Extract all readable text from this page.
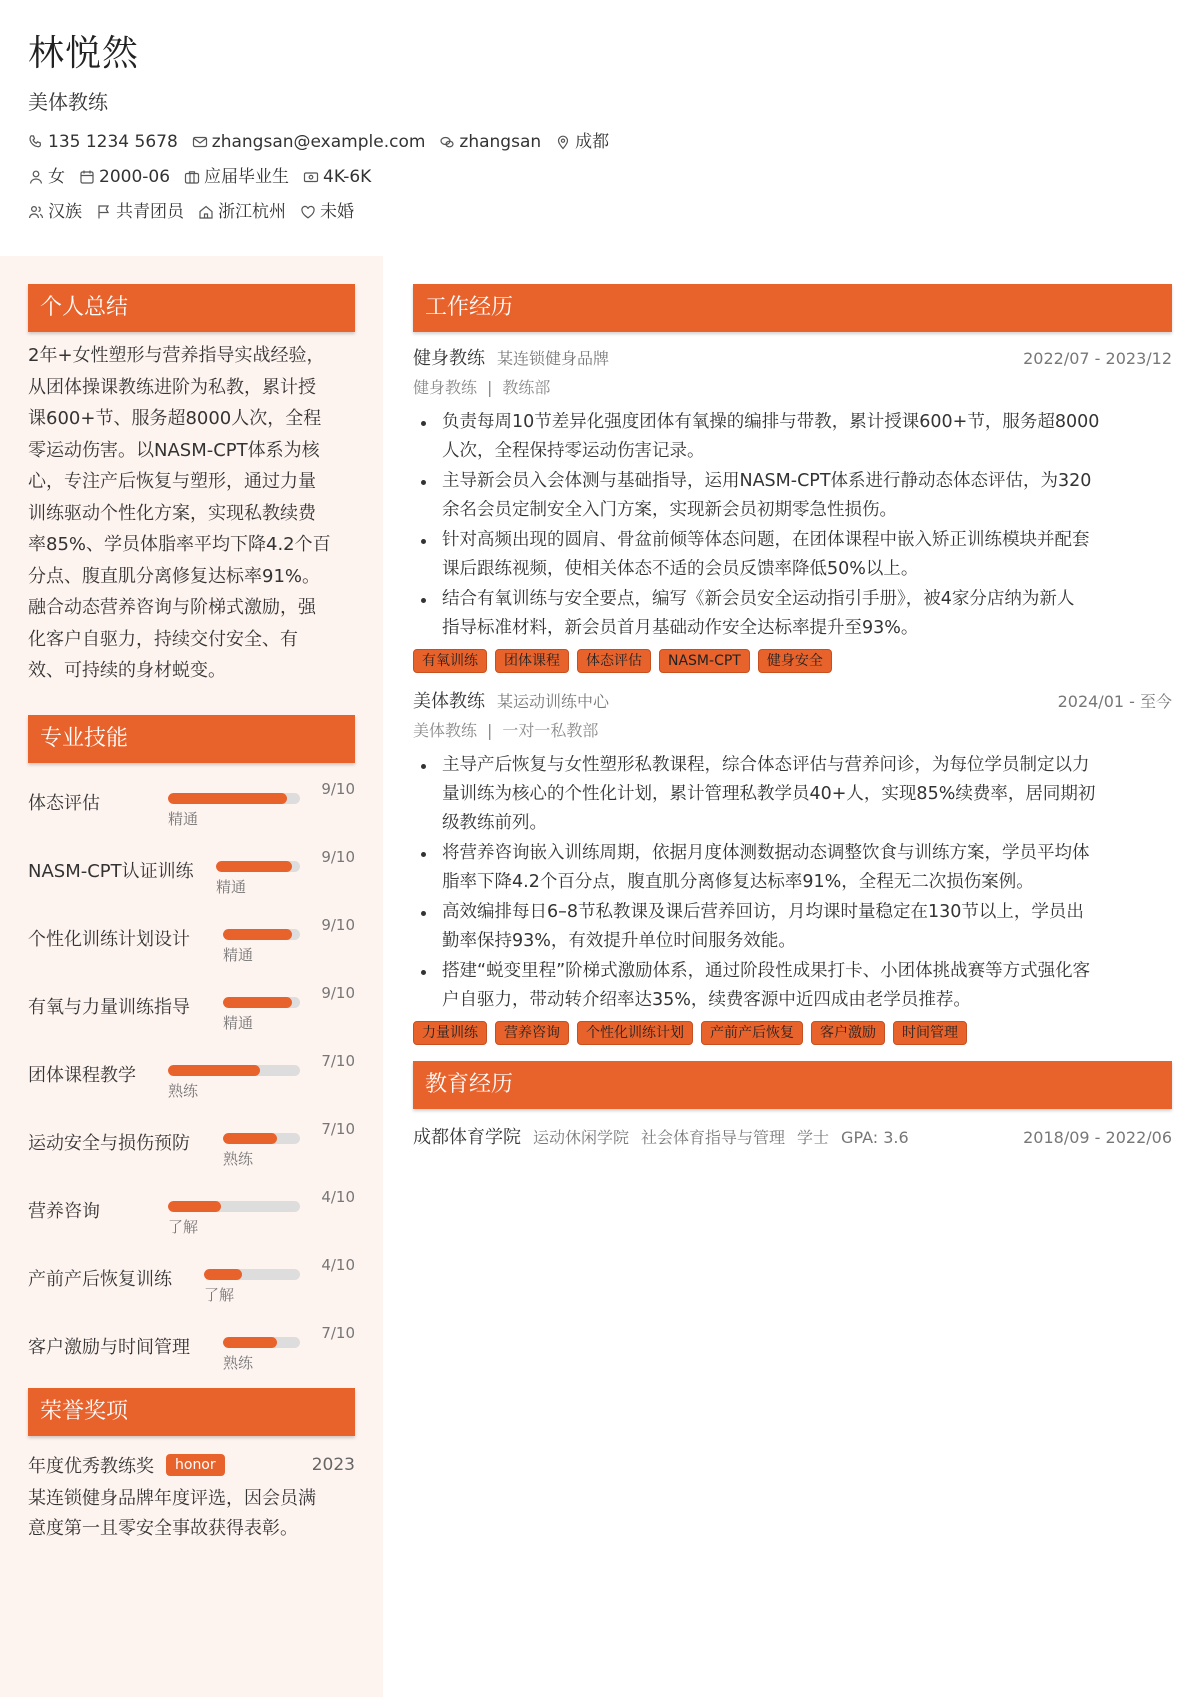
林悦然
美体教练
135 1234 5678 zhangsan@example.com zhangsan 成都
女 2000-06 应届毕业生 4K-6K
汉族 共青团员 浙江杭州 未婚
个人总结
2年+女性塑形与营养指导实战经验，
从团体操课教练进阶为私教，累计授
课600+节、服务超8000人次，全程
零运动伤害。以NASM-CPT体系为核
心，专注产后恢复与塑形，通过力量
训练驱动个性化方案，实现私教续费
率85%、学员体脂率平均下降4.2个百
分点、腹直肌分离修复达标率91%。
融合动态营养咨询与阶梯式激励，强
化客户自驱力，持续交付安全、有
效、可持续的身材蜕变。
专业技能
体态评估
9/10
精通
NASM-CPT认证训练
9/10
精通
个性化训练计划设计
9/10
精通
有氧与力量训练指导
9/10
精通
团体课程教学
7/10
熟练
运动安全与损伤预防
7/10
熟练
营养咨询
4/10
了解
产前产后恢复训练
4/10
了解
客户激励与时间管理
7/10
熟练
荣誉奖项
年度优秀教练奖	honor	2023
某连锁健身品牌年度评选，因会员满
意度第一且零安全事故获得表彰。
工作经历
健身教练 某连锁健身品牌	2022/07 - 2023/12
健身教练 | 教练部
负责每周10节差异化强度团体有氧操的编排与带教，累计授课600+节，服务超8000
人次，全程保持零运动伤害记录。
主导新会员入会体测与基础指导，运用NASM-CPT体系进行静动态体态评估，为320
余名会员定制安全入门方案，实现新会员初期零急性损伤。
针对高频出现的圆肩、骨盆前倾等体态问题，在团体课程中嵌入矫正训练模块并配套
课后跟练视频，使相关体态不适的会员反馈率降低50%以上。
结合有氧训练与安全要点，编写《新会员安全运动指引手册》，被4家分店纳为新人
指导标准材料，新会员首月基础动作安全达标率提升至93%。
有氧训练	团体课程	体态评估	NASM-CPT	健身安全
美体教练 某运动训练中心	2024/01 - 至今
美体教练 | 一对一私教部
主导产后恢复与女性塑形私教课程，综合体态评估与营养问诊，为每位学员制定以力
量训练为核心的个性化计划，累计管理私教学员40+人，实现85%续费率，居同期初
级教练前列。
将营养咨询嵌入训练周期，依据月度体测数据动态调整饮食与训练方案，学员平均体
脂率下降4.2个百分点，腹直肌分离修复达标率91%，全程无二次损伤案例。
高效编排每日6–8节私教课及课后营养回访，月均课时量稳定在130节以上，学员出
勤率保持93%，有效提升单位时间服务效能。
搭建“蜕变里程”阶梯式激励体系，通过阶段性成果打卡、小团体挑战赛等方式强化客
户自驱力，带动转介绍率达35%，续费客源中近四成由老学员推荐。
力量训练	营养咨询	个性化训练计划	产前产后恢复	客户激励	时间管理
教育经历
成都体育学院 运动休闲学院 社会体育指导与管理 学士 GPA: 3.6	2018/09 - 2022/06
